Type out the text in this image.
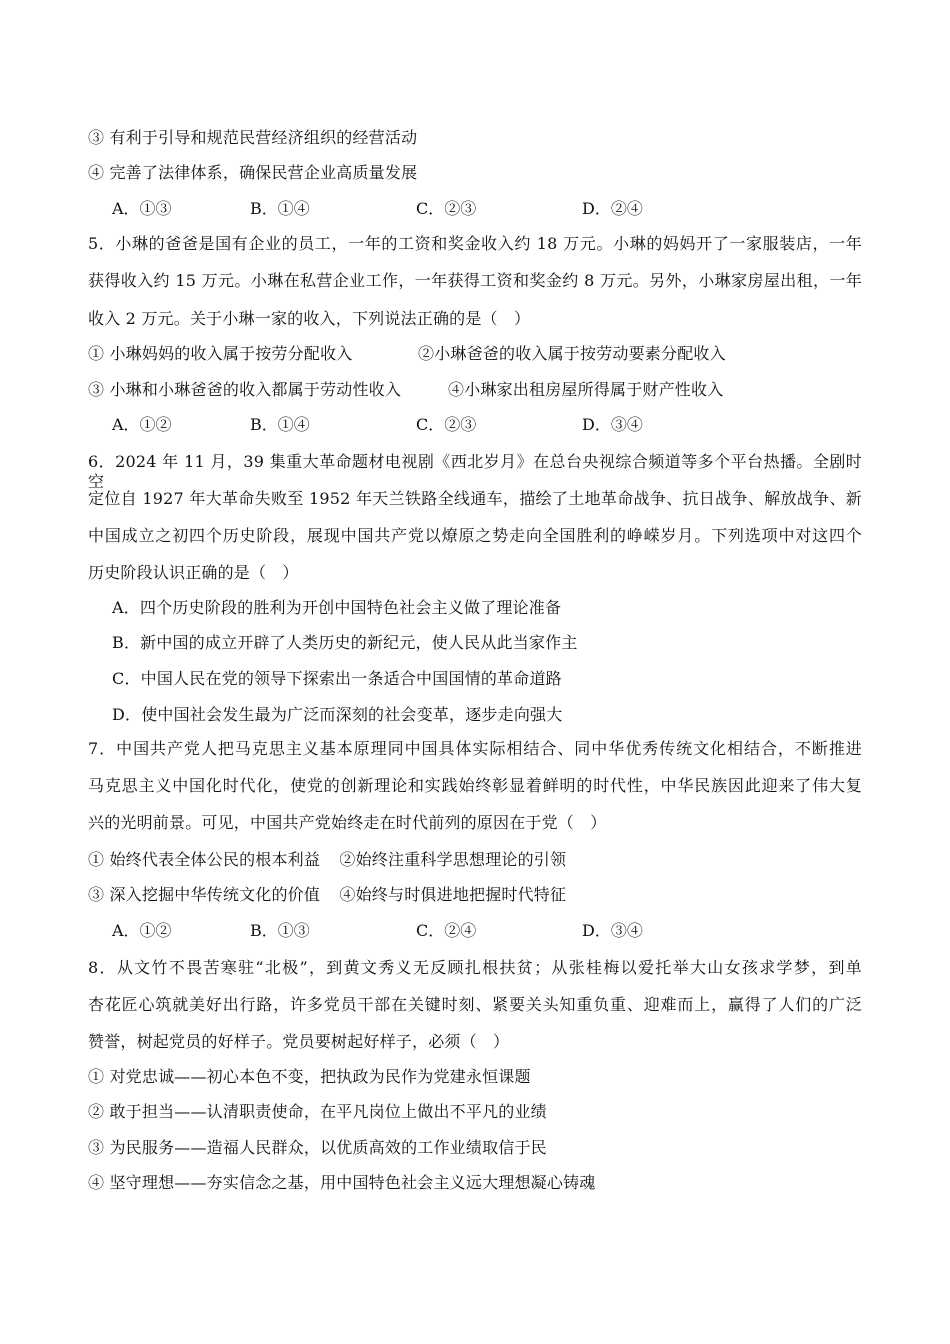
③ 有利于引导和规范民营经济组织的经营活动
④ 完善了法律体系，确保民营企业高质量发展
A．①③	B．①④	C．②③	D．②④
5．小琳的爸爸是国有企业的员工，一年的工资和奖金收入约 18 万元。小琳的妈妈开了一家服装店，一年
获得收入约 15 万元。小琳在私营企业工作，一年获得工资和奖金约 8 万元。另外，小琳家房屋出租，一年
收入 2 万元。关于小琳一家的收入，下列说法正确的是（　）
① 小琳妈妈的收入属于按劳分配收入	②小琳爸爸的收入属于按劳动要素分配收入
③ 小琳和小琳爸爸的收入都属于劳动性收入	④小琳家出租房屋所得属于财产性收入
A．①②	B．①④	C．②③	D．③④
6．2024 年 11 月，39 集重大革命题材电视剧《西北岁月》在总台央视综合频道等多个平台热播。全剧时空
定位自 1927 年大革命失败至 1952 年天兰铁路全线通车，描绘了土地革命战争、抗日战争、解放战争、新
中国成立之初四个历史阶段，展现中国共产党以燎原之势走向全国胜利的峥嵘岁月。下列选项中对这四个
历史阶段认识正确的是（　）
A．四个历史阶段的胜利为开创中国特色社会主义做了理论准备
B．新中国的成立开辟了人类历史的新纪元，使人民从此当家作主
C．中国人民在党的领导下探索出一条适合中国国情的革命道路
D．使中国社会发生最为广泛而深刻的社会变革，逐步走向强大
7．中国共产党人把马克思主义基本原理同中国具体实际相结合、同中华优秀传统文化相结合，不断推进
马克思主义中国化时代化，使党的创新理论和实践始终彰显着鲜明的时代性，中华民族因此迎来了伟大复
兴的光明前景。可见，中国共产党始终走在时代前列的原因在于党（　）
① 始终代表全体公民的根本利益 ②始终注重科学思想理论的引领
③ 深入挖掘中华传统文化的价值 ④始终与时俱进地把握时代特征
A．①②	B．①③	C．②④	D．③④
8．从文竹不畏苦寒驻“北极”，到黄文秀义无反顾扎根扶贫；从张桂梅以爱托举大山女孩求学梦，到单
杏花匠心筑就美好出行路，许多党员干部在关键时刻、紧要关头知重负重、迎难而上，赢得了人们的广泛
赞誉，树起党员的好样子。党员要树起好样子，必须（　）
① 对党忠诚——初心本色不变，把执政为民作为党建永恒课题
② 敢于担当——认清职责使命，在平凡岗位上做出不平凡的业绩
③ 为民服务——造福人民群众，以优质高效的工作业绩取信于民
④ 坚守理想——夯实信念之基，用中国特色社会主义远大理想凝心铸魂
